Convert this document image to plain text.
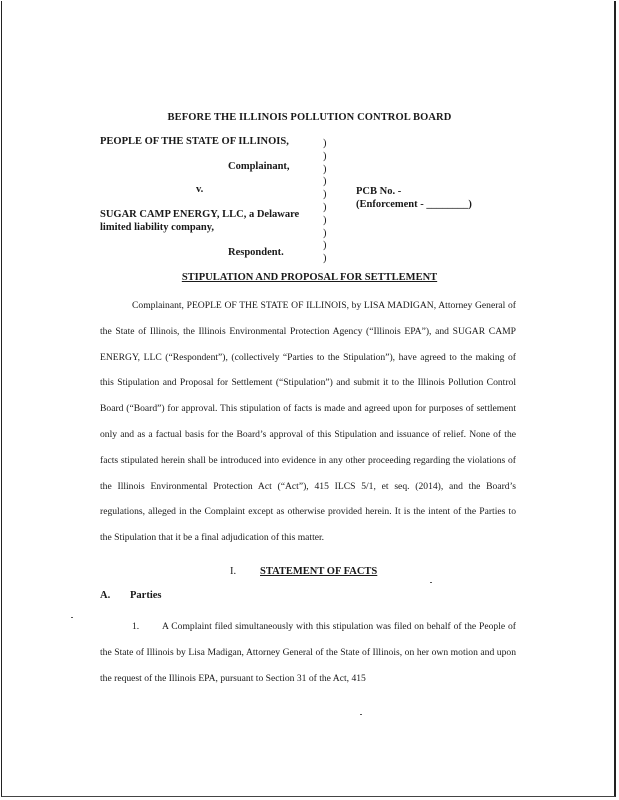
BEFORE THE ILLINOIS POLLUTION CONTROL BOARD
PEOPLE OF THE STATE OF ILLINOIS,
Complainant,
v.
SUGAR CAMP ENERGY, LLC, a Delaware
limited liability company,
Respondent.
)
)
)
)
)
)
)
)
)
)
PCB No. -
(Enforcement - ________)
STIPULATION AND PROPOSAL FOR SETTLEMENT
Complainant, PEOPLE OF THE STATE OF ILLINOIS, by LISA MADIGAN, Attorney General of the State of Illinois, the Illinois Environmental Protection Agency (“Illinois EPA”), and SUGAR CAMP ENERGY, LLC (“Respondent”), (collectively “Parties to the Stipulation”), have agreed to the making of this Stipulation and Proposal for Settlement (“Stipulation”) and submit it to the Illinois Pollution Control Board (“Board”) for approval. This stipulation of facts is made and agreed upon for purposes of settlement only and as a factual basis for the Board’s approval of this Stipulation and issuance of relief. None of the facts stipulated herein shall be introduced into evidence in any other proceeding regarding the violations of the Illinois Environmental Protection Act (“Act”), 415 ILCS 5/1, et seq. (2014), and the Board’s regulations, alleged in the Complaint except as otherwise provided herein. It is the intent of the Parties to the Stipulation that it be a final adjudication of this matter.
I. STATEMENT OF FACTS
A. Parties
1. A Complaint filed simultaneously with this stipulation was filed on behalf of the People of the State of Illinois by Lisa Madigan, Attorney General of the State of Illinois, on her own motion and upon the request of the Illinois EPA, pursuant to Section 31 of the Act, 415
